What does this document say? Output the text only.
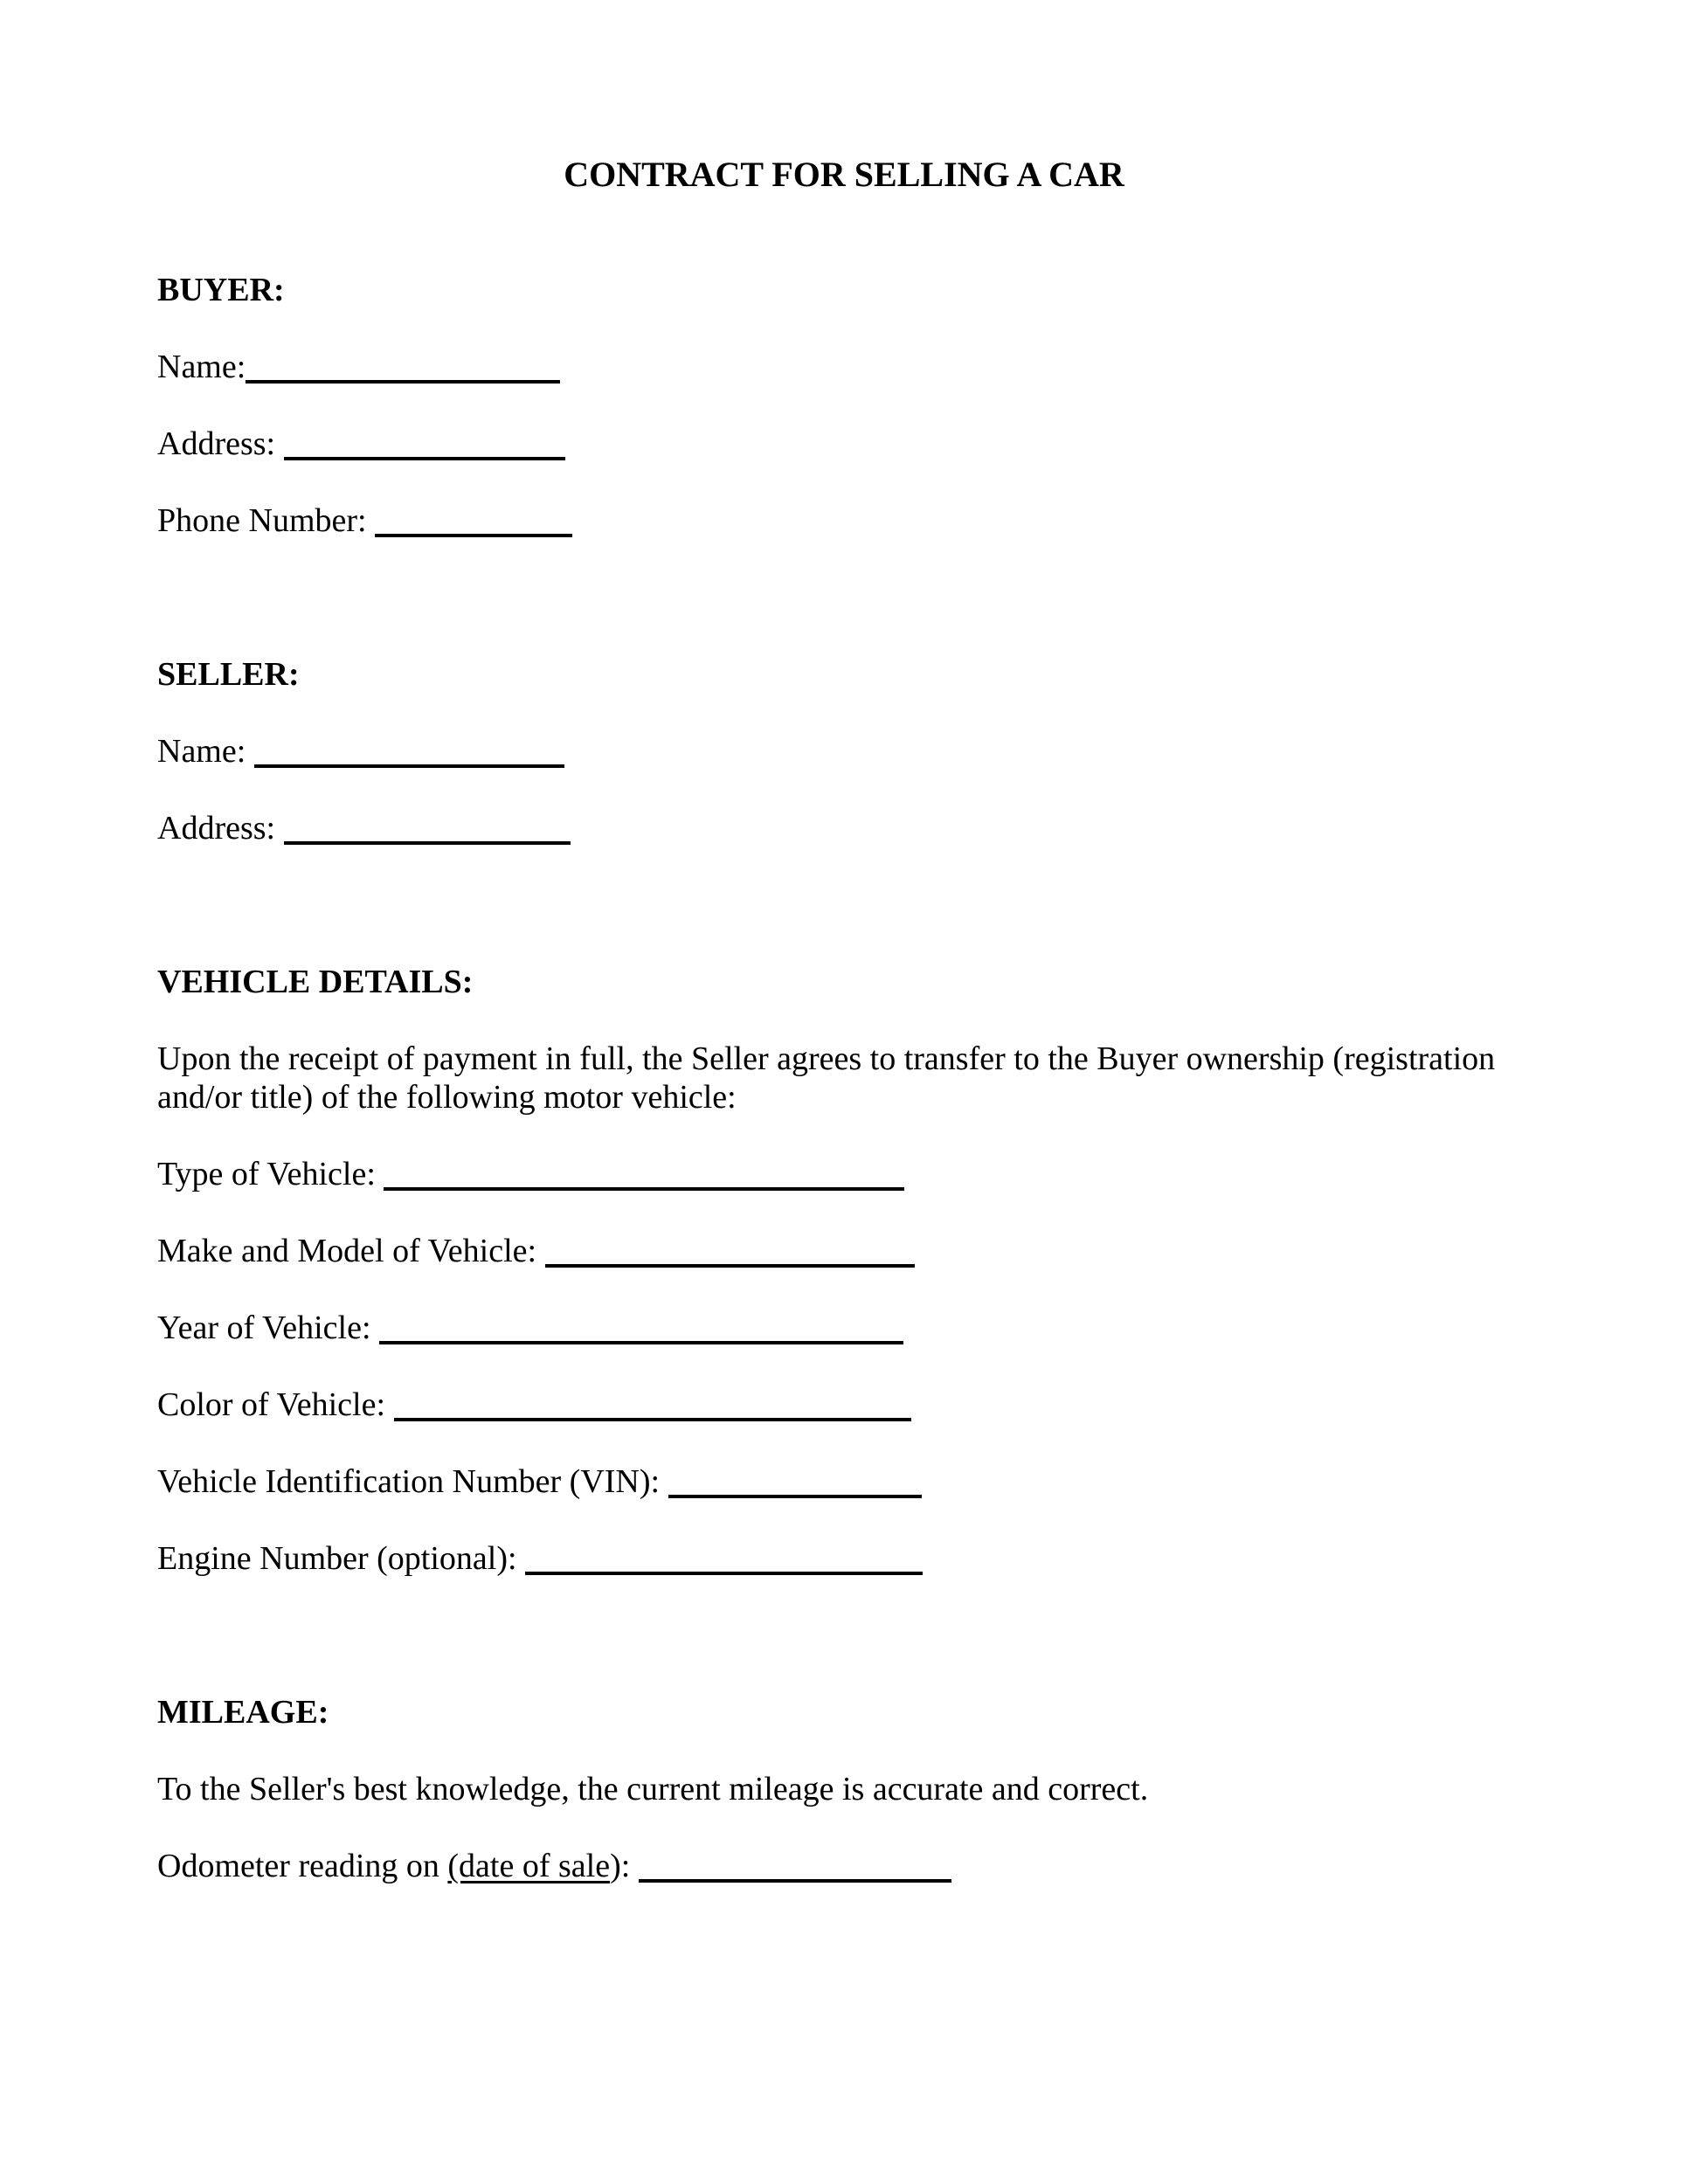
CONTRACT FOR SELLING A CAR
BUYER:
Name:
Address:
Phone Number:
SELLER:
Name:
Address:
VEHICLE DETAILS:
Upon the receipt of payment in full, the Seller agrees to transfer to the Buyer ownership (registration
and/or title) of the following motor vehicle:
Type of Vehicle:
Make and Model of Vehicle:
Year of Vehicle:
Color of Vehicle:
Vehicle Identification Number (VIN):
Engine Number (optional):
MILEAGE:
To the Seller's best knowledge, the current mileage is accurate and correct.
Odometer reading on (date of sale):
